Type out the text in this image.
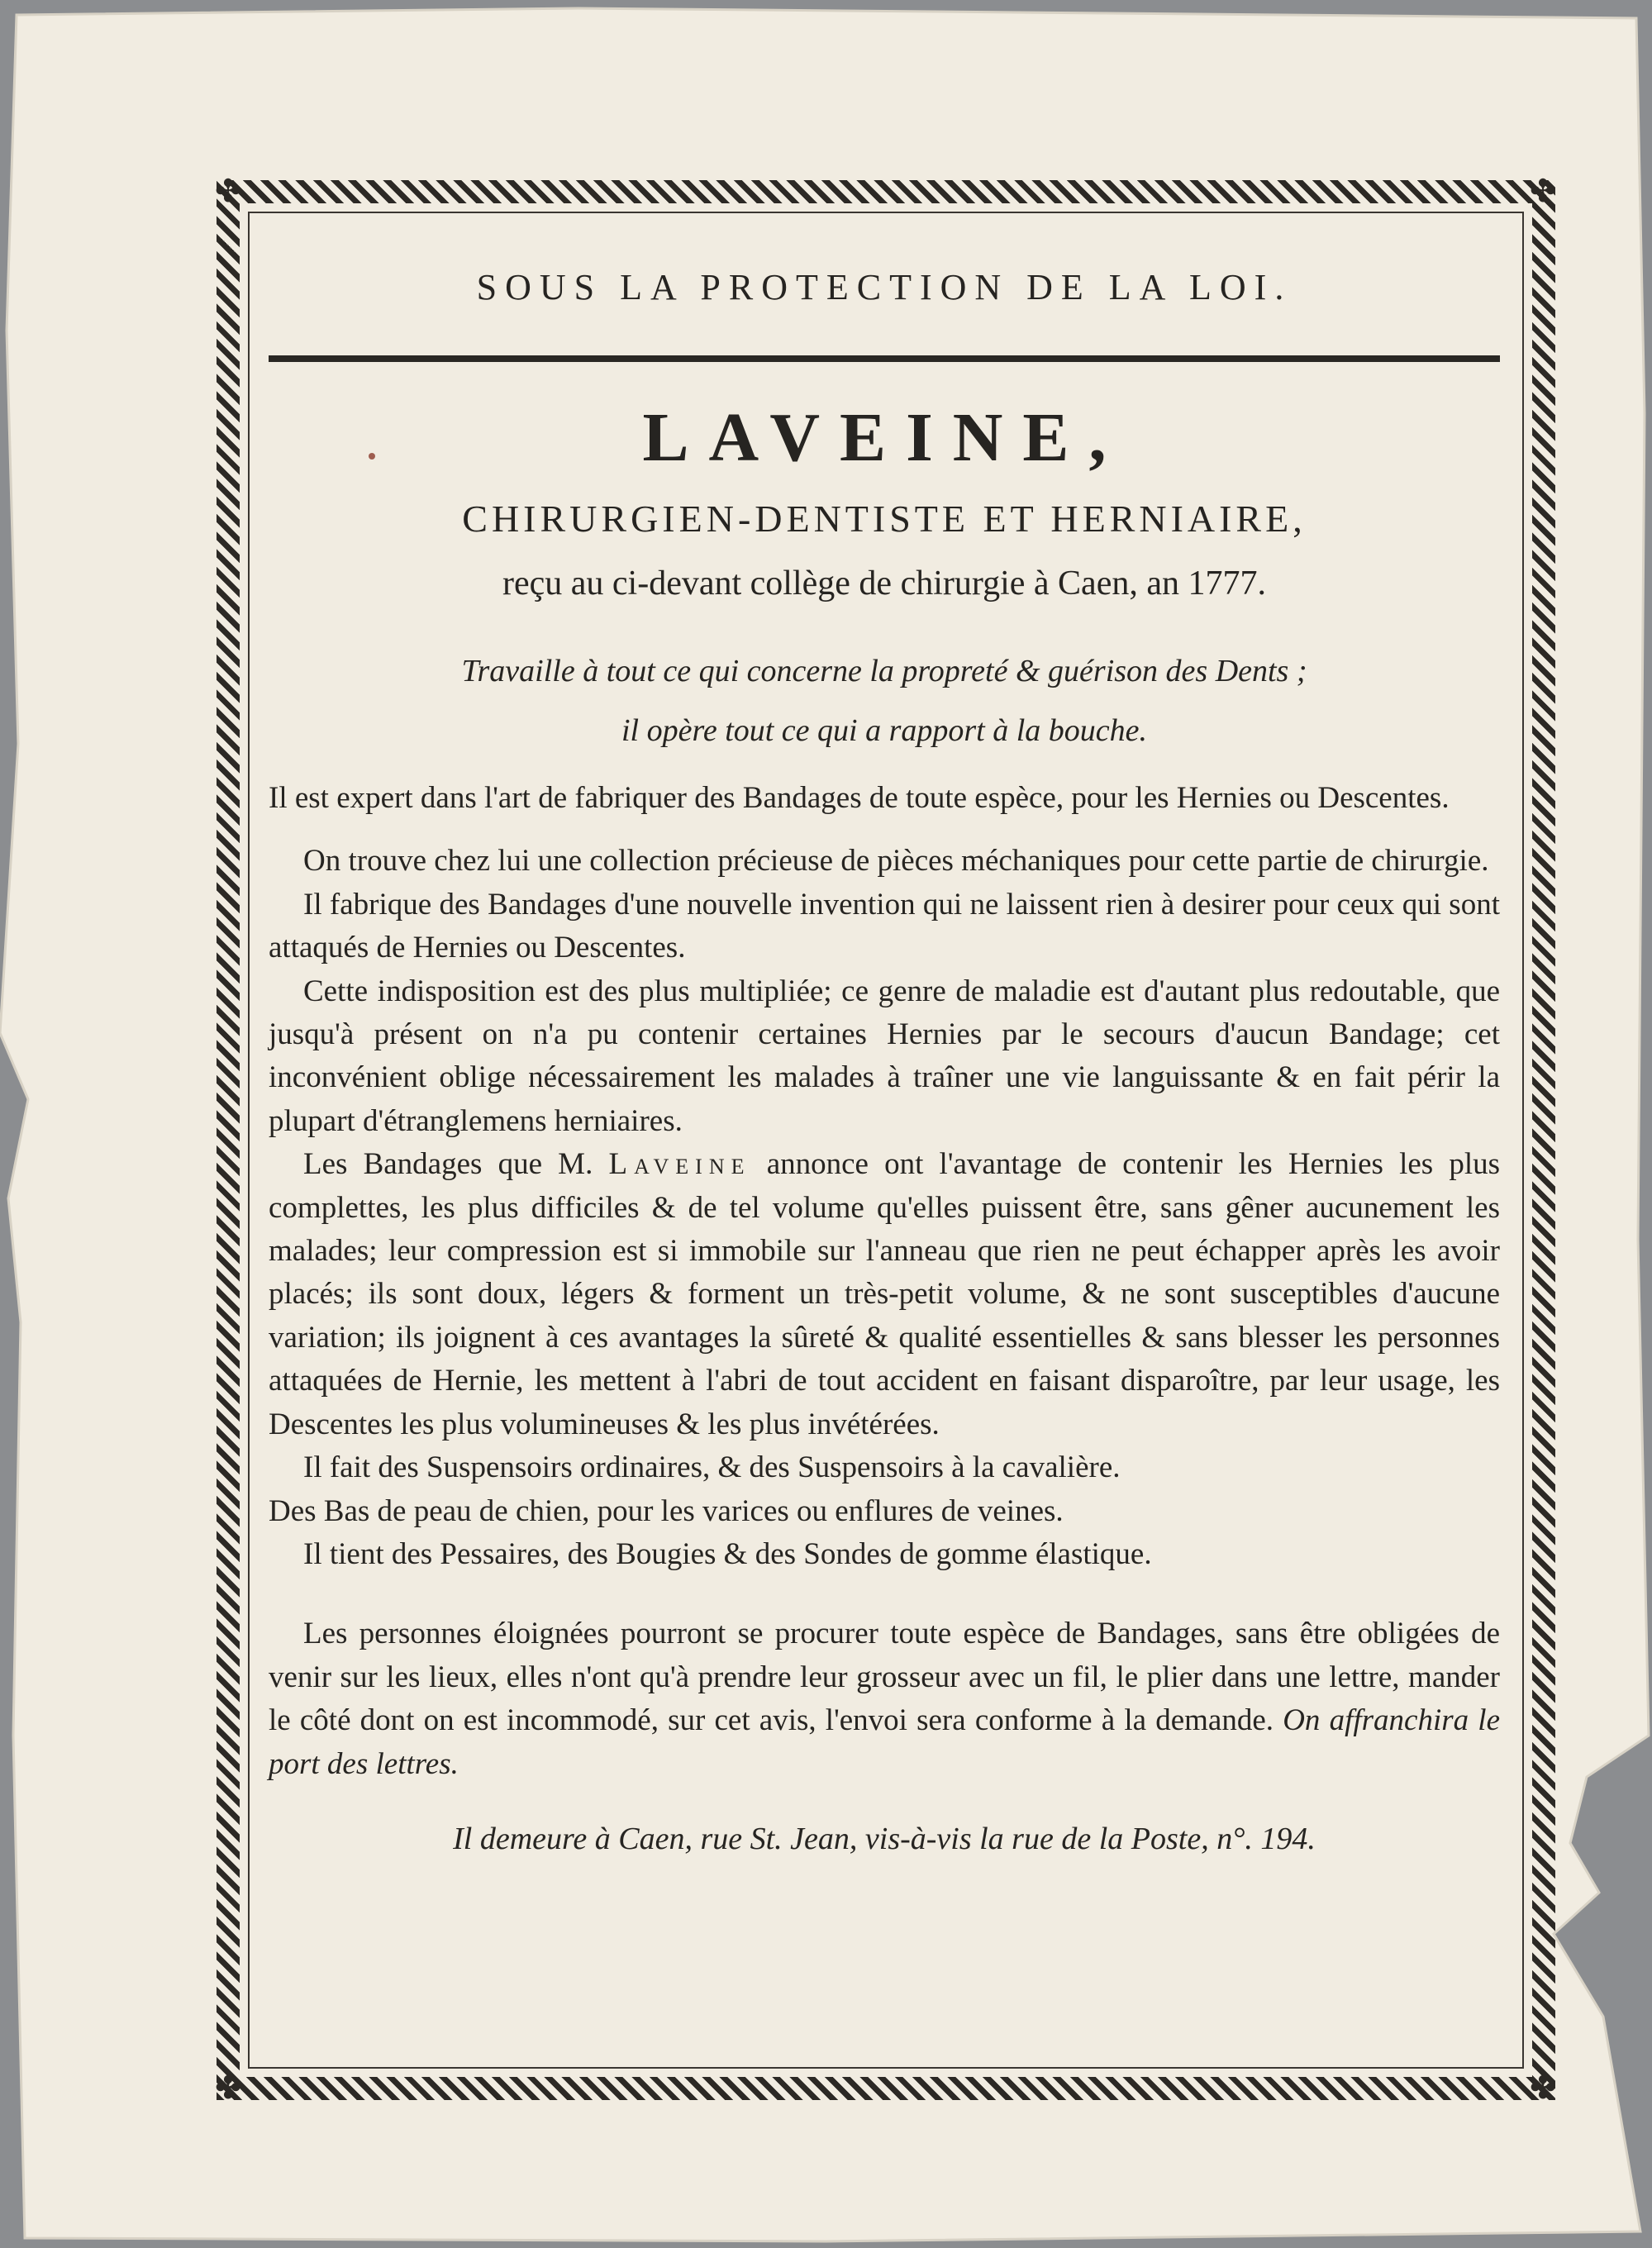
✤	✤
✤	✤
SOUS LA PROTECTION DE LA LOI.
LAVEINE,
CHIRURGIEN-DENTISTE ET HERNIAIRE,
reçu au ci-devant collège de chirurgie à Caen, an 1777.
Travaille à tout ce qui concerne la propreté & guérison des Dents ;
il opère tout ce qui a rapport à la bouche.

Il est expert dans l'art de fabriquer des Bandages de toute espèce, pour les Hernies ou Descentes.

On trouve chez lui une collection précieuse de pièces méchaniques pour cette partie de chirurgie.

Il fabrique des Bandages d'une nouvelle invention qui ne laissent rien à desirer pour ceux qui sont attaqués de Hernies ou Descentes.

Cette indisposition est des plus multipliée; ce genre de maladie est d'autant plus redoutable, que jusqu'à présent on n'a pu contenir certaines Hernies par le secours d'aucun Bandage; cet inconvénient oblige nécessairement les malades à traîner une vie languissante & en fait périr la plupart d'étranglemens herniaires.

Les Bandages que M. Laveine annonce ont l'avantage de contenir les Hernies les plus complettes, les plus difficiles & de tel volume qu'elles puissent être, sans gêner aucunement les malades; leur compression est si immobile sur l'anneau que rien ne peut échapper après les avoir placés; ils sont doux, légers & forment un très-petit volume, & ne sont susceptibles d'aucune variation; ils joignent à ces avantages la sûreté & qualité essentielles & sans blesser les personnes attaquées de Hernie, les mettent à l'abri de tout accident en faisant disparoître, par leur usage, les Descentes les plus volumineuses & les plus invétérées.

Il fait des Suspensoirs ordinaires, & des Suspensoirs à la cavalière.

Des Bas de peau de chien, pour les varices ou enflures de veines.

Il tient des Pessaires, des Bougies & des Sondes de gomme élastique.

Les personnes éloignées pourront se procurer toute espèce de Bandages, sans être obligées de venir sur les lieux, elles n'ont qu'à prendre leur grosseur avec un fil, le plier dans une lettre, mander le côté dont on est incommodé, sur cet avis, l'envoi sera conforme à la demande. On affranchira le port des lettres.

Il demeure à Caen, rue St. Jean, vis-à-vis la rue de la Poste, n°. 194.
